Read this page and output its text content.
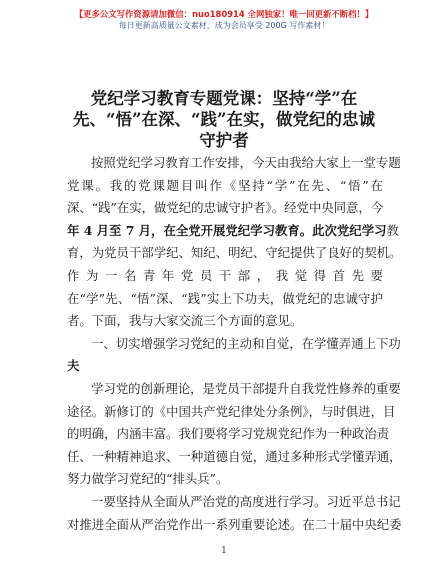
【更多公文写作资源请加微信：nuo180914 全网独家！唯一回更新不断档！】
每日更新高质量公文素材，成为会员享受 200G 写作素材！
党纪学习教育专题党课：坚持“学”在
先、“悟”在深、“践”在实，做党纪的忠诚
守护者
按照党纪学习教育工作安排，今天由我给大家上一堂专题
党课。我的党课题目叫作《坚持“学”在先、“悟”在
深、“践”在实，做党纪的忠诚守护者》。经党中央同意，今
年 4 月至 7 月，在全党开展党纪学习教育。此次党纪学习教
育，为党员干部学纪、知纪、明纪、守纪提供了良好的契机。
作为一名青年党员干部，我觉得首先要
在“学”先、“悟”深、“践”实上下功夫，做党纪的忠诚守护
者。下面，我与大家交流三个方面的意见。
一、切实增强学习党纪的主动和自觉，在学懂弄通上下功
夫
学习党的创新理论，是党员干部提升自我党性修养的重要
途径。新修订的《中国共产党纪律处分条例》，与时俱进，目
的明确，内涵丰富。我们要将学习党规党纪作为一种政治责
任、一种精神追求、一种道德自觉，通过多种形式学懂弄通，
努力做学习党纪的“排头兵”。
一要坚持从全面从严治党的高度进行学习。习近平总书记
对推进全面从严治党作出一系列重要论述。在二十届中央纪委
1
